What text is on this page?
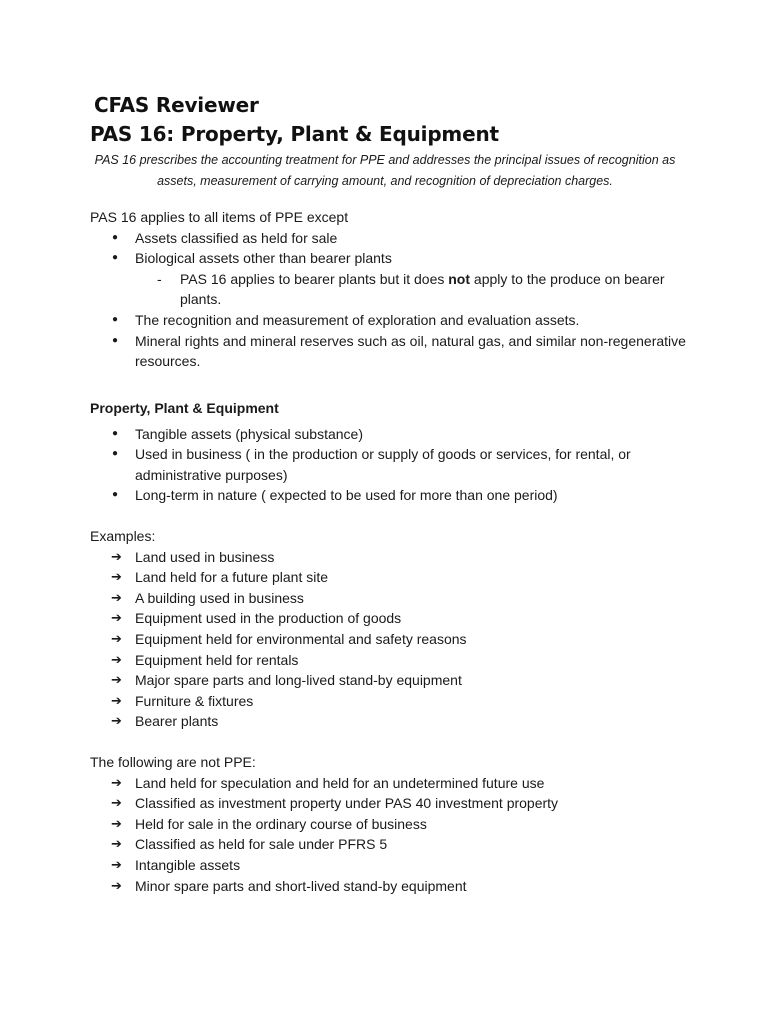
CFAS Reviewer
PAS 16: Property, Plant & Equipment

PAS 16 prescribes the accounting treatment for PPE and addresses the principal issues of recognition as assets, measurement of carrying amount, and recognition of depreciation charges.

PAS 16 applies to all items of PPE except

● Assets classified as held for sale
● Biological assets other than bearer plants
- PAS 16 applies to bearer plants but it does not apply to the produce on bearer plants.
● The recognition and measurement of exploration and evaluation assets.
● Mineral rights and mineral reserves such as oil, natural gas, and similar non-regenerative resources.

Property, Plant & Equipment

● Tangible assets (physical substance)
● Used in business ( in the production or supply of goods or services, for rental, or administrative purposes)
● Long-term in nature ( expected to be used for more than one period)

Examples:

➔ Land used in business
➔ Land held for a future plant site
➔ A building used in business
➔ Equipment used in the production of goods
➔ Equipment held for environmental and safety reasons
➔ Equipment held for rentals
➔ Major spare parts and long-lived stand-by equipment
➔ Furniture & fixtures
➔ Bearer plants

The following are not PPE:

➔ Land held for speculation and held for an undetermined future use
➔ Classified as investment property under PAS 40 investment property
➔ Held for sale in the ordinary course of business
➔ Classified as held for sale under PFRS 5
➔ Intangible assets
➔ Minor spare parts and short-lived stand-by equipment
